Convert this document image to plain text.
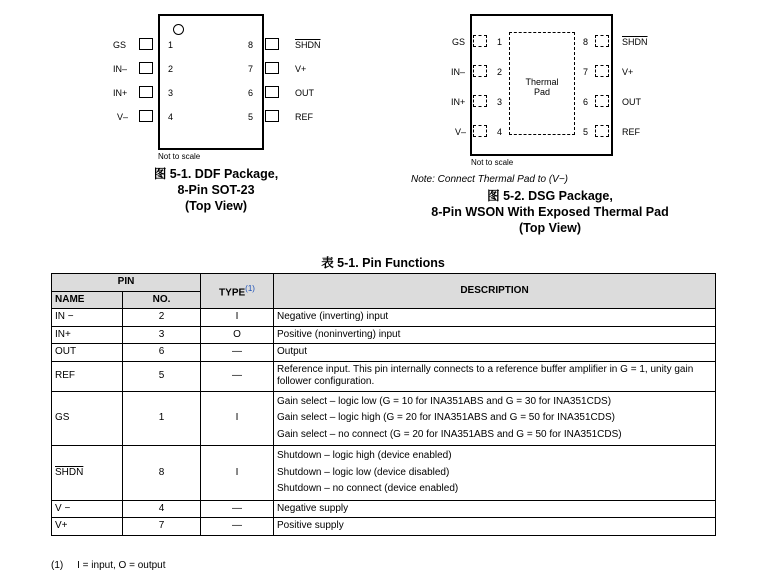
GS
IN–
IN+
V–
1
2
3
4
8
7
6
5
SHDN
V+
OUT
REF
Not to scale
图 5-1. DDF Package,
8-Pin SOT-23
(Top View)
Thermal
Pad
GS
IN–
IN+
V–
1
2
3
4
8
7
6
5
SHDN
V+
OUT
REF
Not to scale
Note: Connect Thermal Pad to (V−)
图 5-2. DSG Package,
8-Pin WSON With Exposed Thermal Pad
(Top View)
表 5-1. Pin Functions
PIN		TYPE$^{(1)}$	DESCRIPTION
NAME	NO.		
IN −	2	I	Negative (inverting) input

IN+	3	O	Positive (noninverting) input

OUT	6	—	Output

REF	5	—	Reference input. This pin internally connects to a reference buffer amplifier in G = 1, unity gain follower configuration.

GS	1	I	Gain select – logic low (G = 10 for INA351ABS and G = 30 for INA351CDS)
Gain select – logic high (G = 20 for INA351ABS and G = 50 for INA351CDS)
Gain select – no connect (G = 20 for INA351ABS and G = 50 for INA351CDS)

SHDN	8	I	Shutdown – logic high (device enabled)
Shutdown – logic low (device disabled)
Shutdown – no connect (device enabled)

V −	4	—	Negative supply

V+	7	—	Positive supply
(1)     I = input, O = output
